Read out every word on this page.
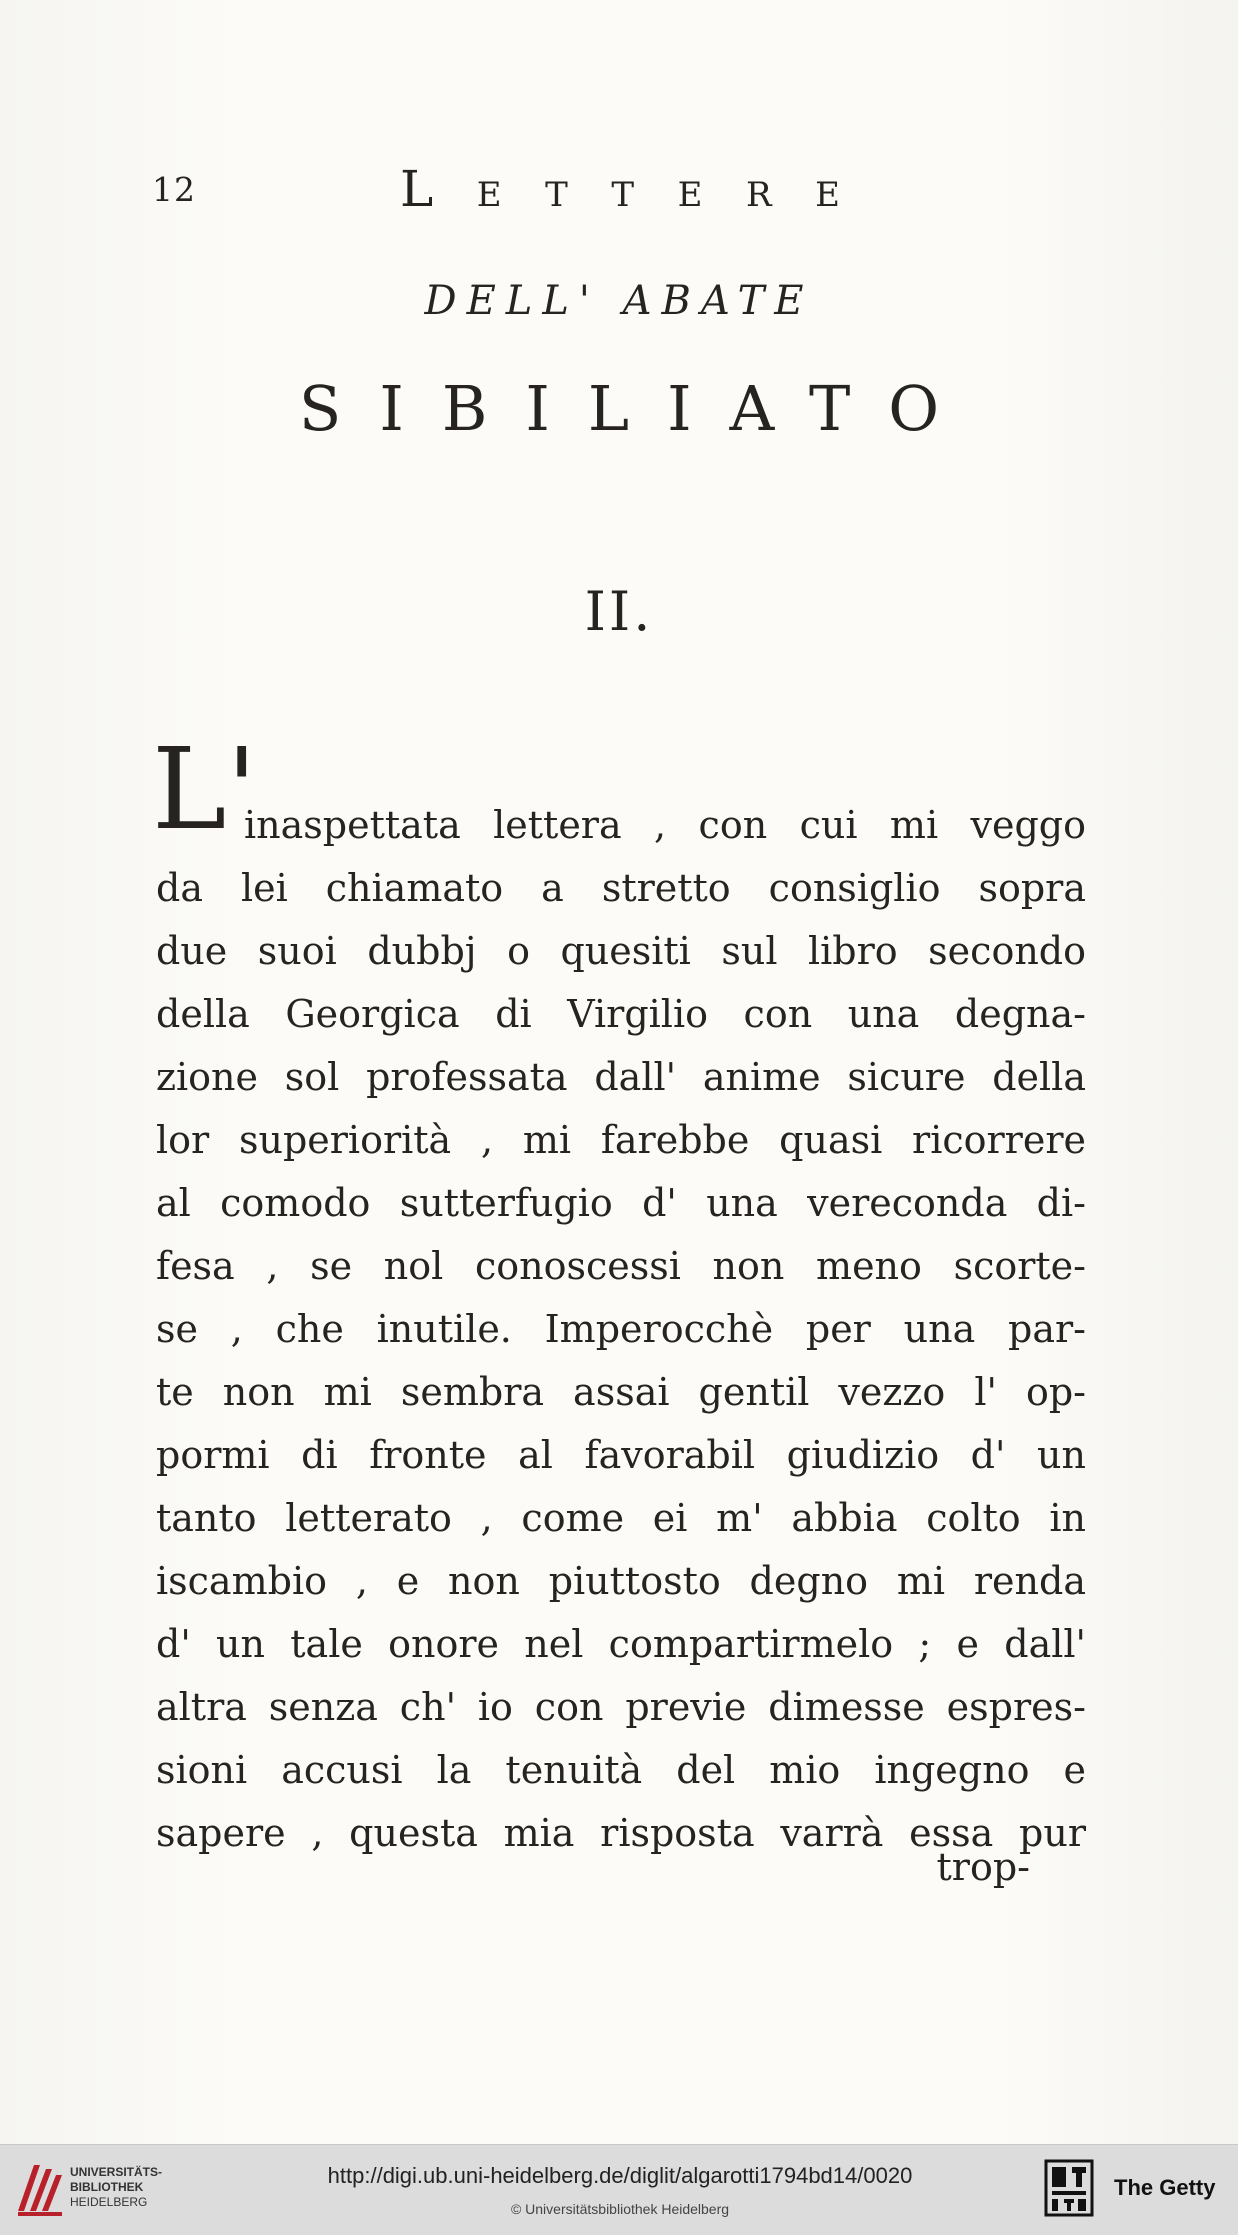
12	L E T T E R E
DELL' ABATE
SIBILIATO
II.
L'
inaspettata lettera , con cui mi veggo
da lei chiamato a stretto consiglio sopra
due suoi dubbj o quesiti sul libro secondo
della Georgica di Virgilio con una degna-
zione sol professata dall' anime sicure della
lor superiorità , mi farebbe quasi ricorrere
al comodo sutterfugio d' una vereconda di-
fesa , se nol conoscessi non meno scorte-
se , che inutile. Imperocchè per una par-
te non mi sembra assai gentil vezzo l' op-
pormi di fronte al favorabil giudizio d' un
tanto letterato , come ei m' abbia colto in
iscambio , e non piuttosto degno mi renda
d' un tale onore nel compartirmelo ; e dall'
altra senza ch' io con previe dimesse espres-
sioni accusi la tenuità del mio ingegno e
sapere , questa mia risposta varrà essa pur
trop-
UNIVERSITÄTS-
BIBLIOTHEK
HEIDELBERG
http://digi.ub.uni-heidelberg.de/diglit/algarotti1794bd14/0020
© Universitätsbibliothek Heidelberg
The Getty
